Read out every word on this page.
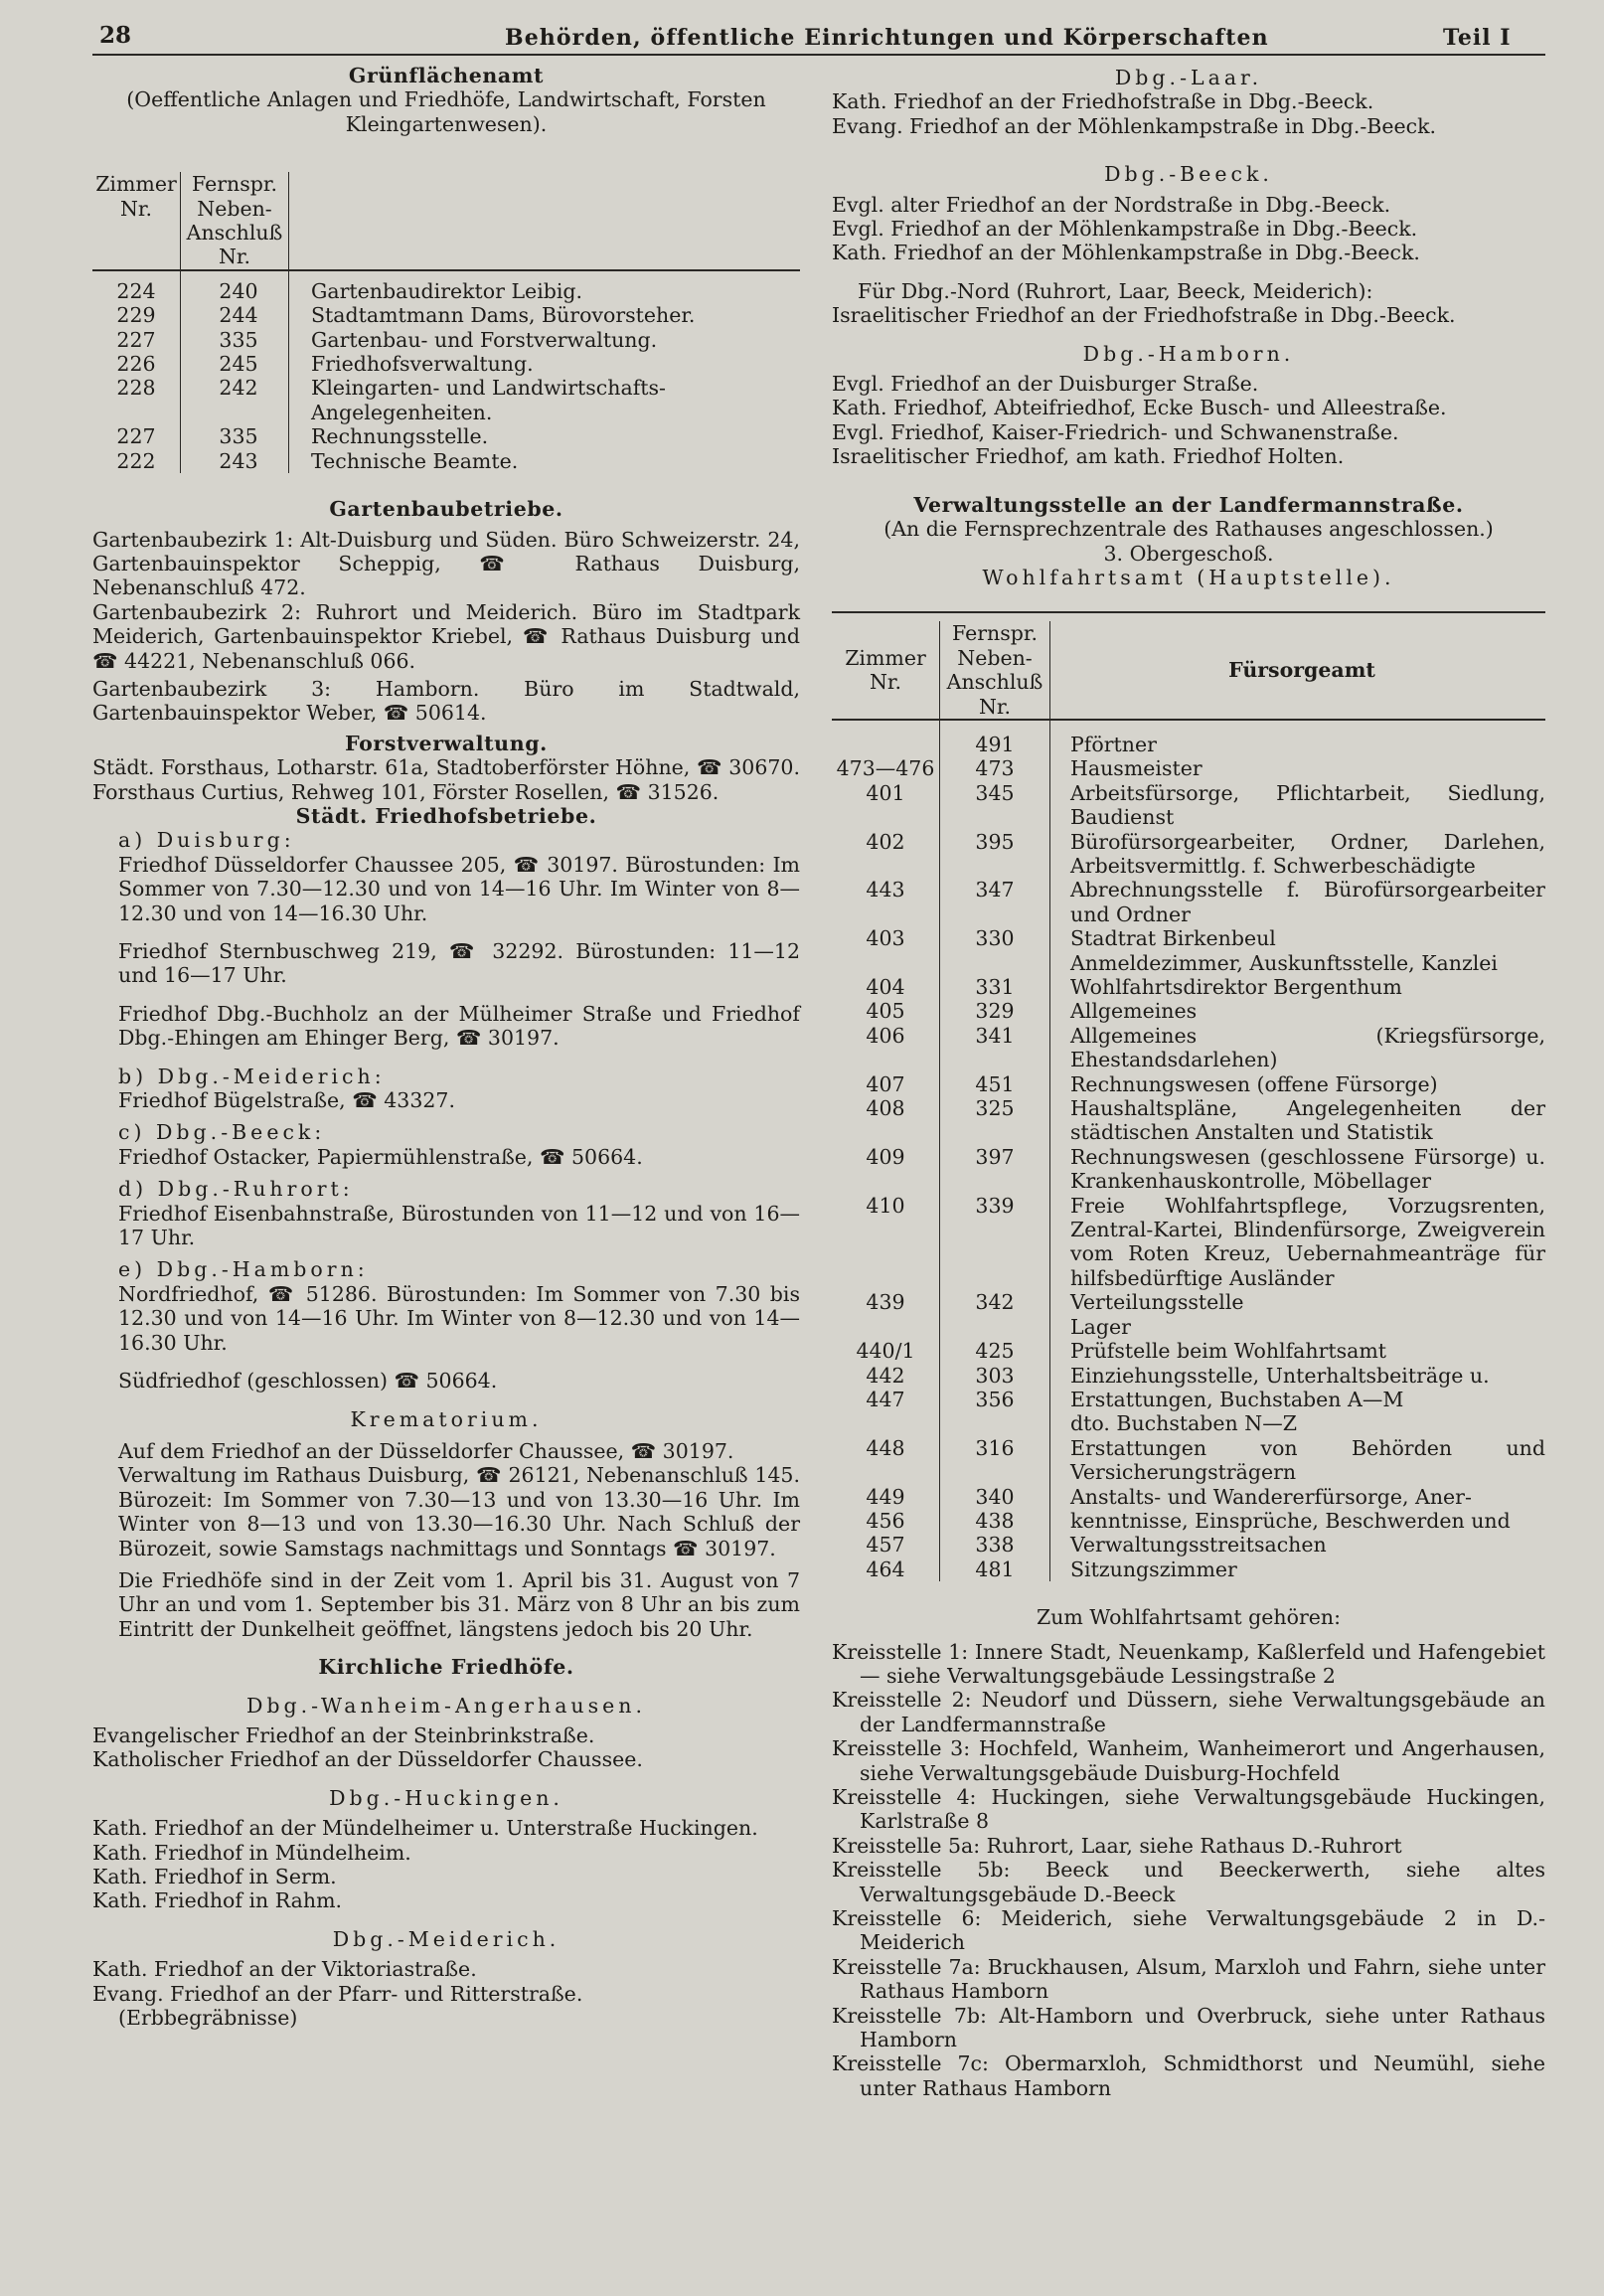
28	Behörden, öffentliche Einrichtungen und Körperschaften	Teil I
Grünflächenamt
(Oeffentliche Anlagen und Friedhöfe, Landwirtschaft, Forsten Kleingartenwesen).
Zimmer Nr.	Fernspr. Neben-Anschluß Nr.	

224	240	Gartenbaudirektor Leibig.
229	244	Stadtamtmann Dams, Bürovorsteher.
227	335	Gartenbau- und Forstverwaltung.
226	245	Friedhofsverwaltung.
228	242	Kleingarten- und Landwirtschafts-Angelegenheiten.
227	335	Rechnungsstelle.
222	243	Technische Beamte.
Gartenbaubetriebe.

Gartenbaubezirk 1: Alt-Duisburg und Süden. Büro Schweizerstr. 24, Gartenbauinspektor Scheppig, ☎ Rathaus Duisburg, Nebenanschluß 472.

Gartenbaubezirk 2: Ruhrort und Meiderich. Büro im Stadtpark Meiderich, Gartenbauinspektor Kriebel, ☎ Rathaus Duisburg und ☎ 44221, Nebenanschluß 066.

Gartenbaubezirk 3: Hamborn. Büro im Stadtwald, Gartenbauinspektor Weber, ☎ 50614.

Forstverwaltung.

Städt. Forsthaus, Lotharstr. 61a, Stadtoberförster Höhne, ☎ 30670. Forsthaus Curtius, Rehweg 101, Förster Rosellen, ☎ 31526.

Städt. Friedhofsbetriebe.

a) Duisburg:

Friedhof Düsseldorfer Chaussee 205, ☎ 30197. Bürostunden: Im Sommer von 7.30—12.30 und von 14—16 Uhr. Im Winter von 8—12.30 und von 14—16.30 Uhr.

Friedhof Sternbuschweg 219, ☎ 32292. Bürostunden: 11—12 und 16—17 Uhr.

Friedhof Dbg.-Buchholz an der Mülheimer Straße und Friedhof Dbg.-Ehingen am Ehinger Berg, ☎ 30197.

b) Dbg.-Meiderich:

Friedhof Bügelstraße, ☎ 43327.

c) Dbg.-Beeck:

Friedhof Ostacker, Papiermühlenstraße, ☎ 50664.

d) Dbg.-Ruhrort:

Friedhof Eisenbahnstraße, Bürostunden von 11—12 und von 16—17 Uhr.

e) Dbg.-Hamborn:

Nordfriedhof, ☎ 51286. Bürostunden: Im Sommer von 7.30 bis 12.30 und von 14—16 Uhr. Im Winter von 8—12.30 und von 14—16.30 Uhr.

Südfriedhof (geschlossen) ☎ 50664.

Krematorium.

Auf dem Friedhof an der Düsseldorfer Chaussee, ☎ 30197.

Verwaltung im Rathaus Duisburg, ☎ 26121, Nebenanschluß 145. Bürozeit: Im Sommer von 7.30—13 und von 13.30—16 Uhr. Im Winter von 8—13 und von 13.30—16.30 Uhr. Nach Schluß der Bürozeit, sowie Samstags nachmittags und Sonntags ☎ 30197.

Die Friedhöfe sind in der Zeit vom 1. April bis 31. August von 7 Uhr an und vom 1. September bis 31. März von 8 Uhr an bis zum Eintritt der Dunkelheit geöffnet, längstens jedoch bis 20 Uhr.

Kirchliche Friedhöfe.
Dbg.-Wanheim-Angerhausen.

Evangelischer Friedhof an der Steinbrinkstraße.

Katholischer Friedhof an der Düsseldorfer Chaussee.

Dbg.-Huckingen.

Kath. Friedhof an der Mündelheimer u. Unterstraße Huckingen.

Kath. Friedhof in Mündelheim.

Kath. Friedhof in Serm.

Kath. Friedhof in Rahm.

Dbg.-Meiderich.

Kath. Friedhof an der Viktoriastraße.

Evang. Friedhof an der Pfarr- und Ritterstraße.

(Erbbegräbnisse)

Dbg.-Laar.

Kath. Friedhof an der Friedhofstraße in Dbg.-Beeck.

Evang. Friedhof an der Möhlenkampstraße in Dbg.-Beeck.

Dbg.-Beeck.

Evgl. alter Friedhof an der Nordstraße in Dbg.-Beeck.

Evgl. Friedhof an der Möhlenkampstraße in Dbg.-Beeck.

Kath. Friedhof an der Möhlenkampstraße in Dbg.-Beeck.

Für Dbg.-Nord (Ruhrort, Laar, Beeck, Meiderich):

Israelitischer Friedhof an der Friedhofstraße in Dbg.-Beeck.

Dbg.-Hamborn.

Evgl. Friedhof an der Duisburger Straße.

Kath. Friedhof, Abteifriedhof, Ecke Busch- und Alleestraße.

Evgl. Friedhof, Kaiser-Friedrich- und Schwanenstraße.

Israelitischer Friedhof, am kath. Friedhof Holten.

Verwaltungsstelle an der Landfermannstraße.
(An die Fernsprechzentrale des Rathauses angeschlossen.)
3. Obergeschoß.
Wohlfahrtsamt (Hauptstelle).

Zimmer Nr.	Fernspr. Neben-Anschluß Nr.	Fürsorgeamt

	491	Pförtner
473—476	473	Hausmeister
401	345	Arbeitsfürsorge, Pflichtarbeit, Siedlung, Baudienst
402	395	Bürofürsorgearbeiter, Ordner, Darlehen, Arbeitsvermittlg. f. Schwerbeschädigte
443	347	Abrechnungsstelle f. Bürofürsorgearbeiter und Ordner
403	330	Stadtrat Birkenbeul
		Anmeldezimmer, Auskunftsstelle, Kanzlei
404	331	Wohlfahrtsdirektor Bergenthum
405	329	Allgemeines
406	341	Allgemeines (Kriegsfürsorge, Ehestandsdarlehen)
407	451	Rechnungswesen (offene Fürsorge)
408	325	Haushaltspläne, Angelegenheiten der städtischen Anstalten und Statistik
409	397	Rechnungswesen (geschlossene Fürsorge) u. Krankenhauskontrolle, Möbellager
410	339	Freie Wohlfahrtspflege, Vorzugsrenten, Zentral-Kartei, Blindenfürsorge, Zweigverein vom Roten Kreuz, Uebernahmeanträge für hilfsbedürftige Ausländer
439	342	Verteilungsstelle
		Lager
440/1	425	Prüfstelle beim Wohlfahrtsamt
442	303	Einziehungsstelle, Unterhaltsbeiträge u.
447	356	Erstattungen, Buchstaben A—M
		dto. Buchstaben N—Z
448	316	Erstattungen von Behörden und Versicherungsträgern
449	340	Anstalts- und Wandererfürsorge, Aner-
456	438	kenntnisse, Einsprüche, Beschwerden und
457	338	Verwaltungsstreitsachen
464	481	Sitzungszimmer
Zum Wohlfahrtsamt gehören:

Kreisstelle 1: Innere Stadt, Neuenkamp, Kaßlerfeld und Hafengebiet — siehe Verwaltungsgebäude Lessingstraße 2

Kreisstelle 2: Neudorf und Düssern, siehe Verwaltungsgebäude an der Landfermannstraße

Kreisstelle 3: Hochfeld, Wanheim, Wanheimerort und Angerhausen, siehe Verwaltungsgebäude Duisburg-Hochfeld

Kreisstelle 4: Huckingen, siehe Verwaltungsgebäude Huckingen, Karlstraße 8

Kreisstelle 5a: Ruhrort, Laar, siehe Rathaus D.-Ruhrort

Kreisstelle 5b: Beeck und Beeckerwerth, siehe altes Verwaltungsgebäude D.-Beeck

Kreisstelle 6: Meiderich, siehe Verwaltungsgebäude 2 in D.-Meiderich

Kreisstelle 7a: Bruckhausen, Alsum, Marxloh und Fahrn, siehe unter Rathaus Hamborn

Kreisstelle 7b: Alt-Hamborn und Overbruck, siehe unter Rathaus Hamborn

Kreisstelle 7c: Obermarxloh, Schmidthorst und Neumühl, siehe unter Rathaus Hamborn
